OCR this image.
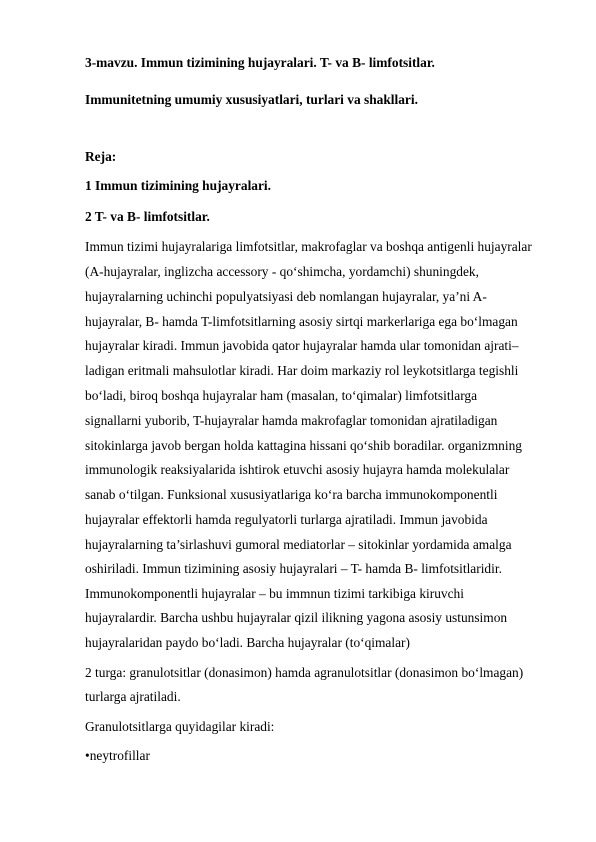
3-mavzu. Immun tizimining hujayralari. T- va B- limfotsitlar.

Immunitetning umumiy xususiyatlari, turlari va shakllari.

Reja:

1 Immun tizimining hujayralari.

2 T- va B- limfotsitlar.

Immun tizimi hujayralariga limfotsitlar, makrofaglar va boshqa antigenli hujayralar

(A-hujayralar, inglizcha accessory - qo‘shimcha, yordamchi) shuningdek,

hujayralarning uchinchi populyatsiyasi deb nomlangan hujayralar, ya’ni A-

hujayralar, B- hamda T-limfotsitlarning asosiy sirtqi markerlariga ega bo‘lmagan

hujayralar kiradi. Immun javobida qator hujayralar hamda ular tomonidan ajrati–

ladigan eritmali mahsulotlar kiradi. Har doim markaziy rol leykotsitlarga tegishli

bo‘ladi, biroq boshqa hujayralar ham (masalan, to‘qimalar) limfotsitlarga

signallarni yuborib, T-hujayralar hamda makrofaglar tomonidan ajratiladigan

sitokinlarga javob bergan holda kattagina hissani qo‘shib boradilar. organizmning

immunologik reaksiyalarida ishtirok etuvchi asosiy hujayra hamda molekulalar

sanab o‘tilgan. Funksional xususiyatlariga ko‘ra barcha immunokomponentli

hujayralar effektorli hamda regulyatorli turlarga ajratiladi. Immun javobida

hujayralarning ta’sirlashuvi gumoral mediatorlar – sitokinlar yordamida amalga

oshiriladi. Immun tizimining asosiy hujayralari – T- hamda B- limfotsitlaridir.

Immunokomponentli hujayralar – bu immnun tizimi tarkibiga kiruvchi

hujayralardir. Barcha ushbu hujayralar qizil ilikning yagona asosiy ustunsimon

hujayralaridan paydo bo‘ladi. Barcha hujayralar (to‘qimalar)

2 turga: granulotsitlar (donasimon) hamda agranulotsitlar (donasimon bo‘lmagan)

turlarga ajratiladi.

Granulotsitlarga quyidagilar kiradi:

•neytrofillar
